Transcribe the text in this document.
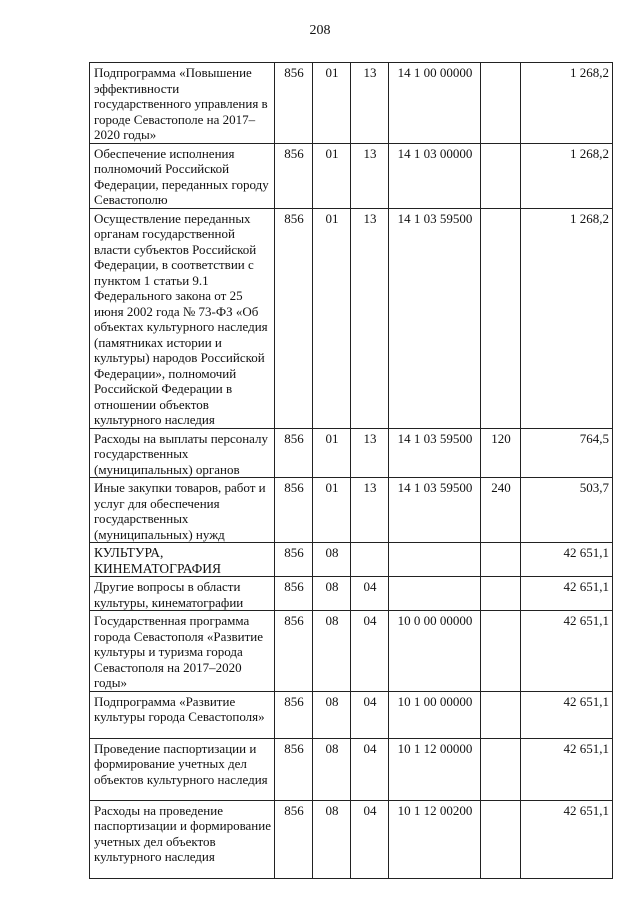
208
Подпрограмма «Повышение эффективности государственного управления в городе Севастополе на 2017–2020 годы»	856	01	13	14 1 00 00000		1 268,2
Обеспечение исполнения полномочий Российской Федерации, переданных городу Севастополю	856	01	13	14 1 03 00000		1 268,2
Осуществление переданных органам государственной власти субъектов Российской Федерации, в соответствии с пунктом 1 статьи 9.1 Федерального закона от 25 июня 2002 года № 73-ФЗ «Об объектах культурного наследия (памятниках истории и культуры) народов Российской Федерации», полномочий Российской Федерации в отношении объектов культурного наследия	856	01	13	14 1 03 59500		1 268,2
Расходы на выплаты персоналу государственных (муниципальных) органов	856	01	13	14 1 03 59500	120	764,5
Иные закупки товаров, работ и услуг для обеспечения государственных (муниципальных) нужд	856	01	13	14 1 03 59500	240	503,7
КУЛЬТУРА, КИНЕМАТОГРАФИЯ	856	08				42 651,1
Другие вопросы в области культуры, кинематографии	856	08	04			42 651,1
Государственная программа города Севастополя «Развитие культуры и туризма города Севастополя на 2017–2020 годы»	856	08	04	10 0 00 00000		42 651,1
Подпрограмма «Развитие культуры города Севастополя»	856	08	04	10 1 00 00000		42 651,1
Проведение паспортизации и формирование учетных дел объектов культурного наследия	856	08	04	10 1 12 00000		42 651,1
Расходы на проведение паспортизации и формирование учетных дел объектов культурного наследия	856	08	04	10 1 12 00200		42 651,1
